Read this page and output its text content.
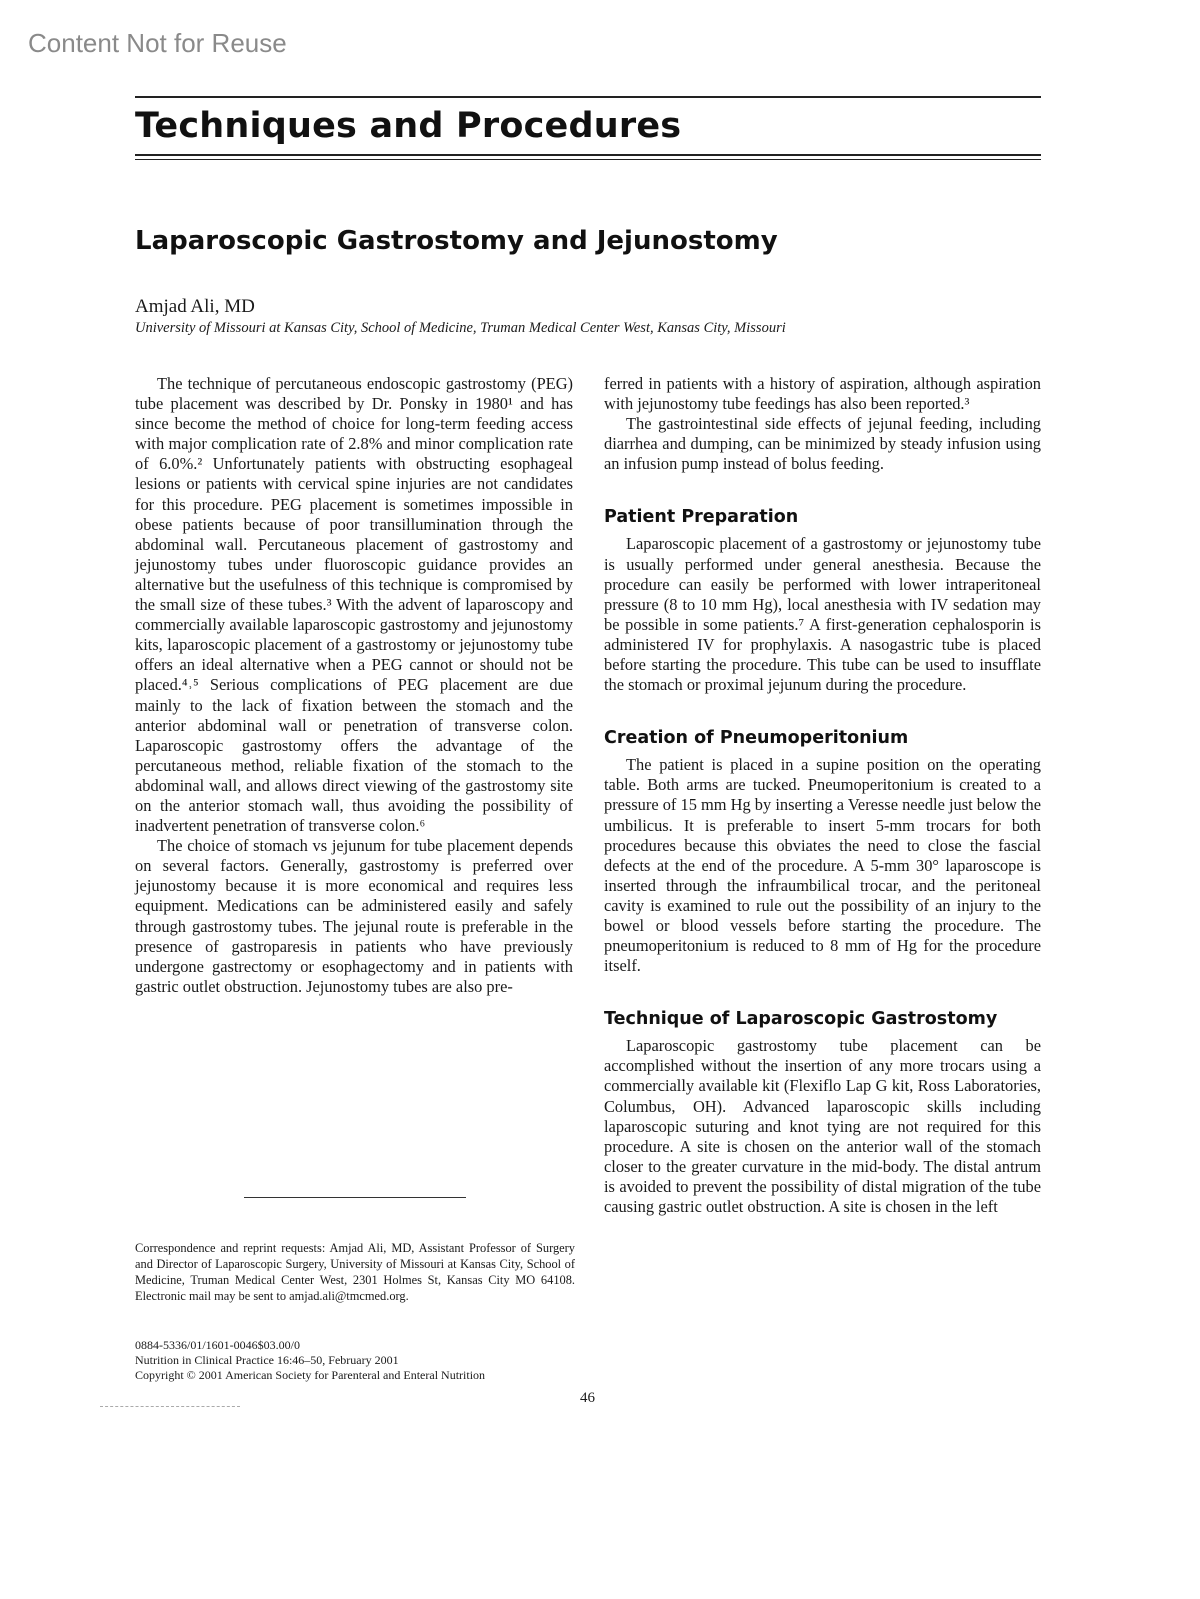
Content Not for Reuse
Techniques and Procedures
Laparoscopic Gastrostomy and Jejunostomy
Amjad Ali, MD
University of Missouri at Kansas City, School of Medicine, Truman Medical Center West, Kansas City, Missouri

The technique of percutaneous endoscopic gastrostomy (PEG) tube placement was described by Dr. Ponsky in 1980¹ and has since become the method of choice for long-term feeding access with major complication rate of 2.8% and minor complication rate of 6.0%.² Unfortunately patients with obstructing esophageal lesions or patients with cervical spine injuries are not candidates for this procedure. PEG placement is sometimes impossible in obese patients because of poor transillumination through the abdominal wall. Percutaneous placement of gastrostomy and jejunostomy tubes under fluoroscopic guidance provides an alternative but the usefulness of this technique is compromised by the small size of these tubes.³ With the advent of laparoscopy and commercially available laparoscopic gastrostomy and jejunostomy kits, laparoscopic placement of a gastrostomy or jejunostomy tube offers an ideal alternative when a PEG cannot or should not be placed.⁴˒⁵ Serious complications of PEG placement are due mainly to the lack of fixation between the stomach and the anterior abdominal wall or penetration of transverse colon. Laparoscopic gastrostomy offers the advantage of the percutaneous method, reliable fixation of the stomach to the abdominal wall, and allows direct viewing of the gastrostomy site on the anterior stomach wall, thus avoiding the possibility of inadvertent penetration of transverse colon.⁶

The choice of stomach vs jejunum for tube placement depends on several factors. Generally, gastrostomy is preferred over jejunostomy because it is more economical and requires less equipment. Medications can be administered easily and safely through gastrostomy tubes. The jejunal route is preferable in the presence of gastroparesis in patients who have previously undergone gastrectomy or esophagectomy and in patients with gastric outlet obstruction. Jejunostomy tubes are also pre-

ferred in patients with a history of aspiration, although aspiration with jejunostomy tube feedings has also been reported.³

The gastrointestinal side effects of jejunal feeding, including diarrhea and dumping, can be minimized by steady infusion using an infusion pump instead of bolus feeding.

Patient Preparation

Laparoscopic placement of a gastrostomy or jejunostomy tube is usually performed under general anesthesia. Because the procedure can easily be performed with lower intraperitoneal pressure (8 to 10 mm Hg), local anesthesia with IV sedation may be possible in some patients.⁷ A first-generation cephalosporin is administered IV for prophylaxis. A nasogastric tube is placed before starting the procedure. This tube can be used to insufflate the stomach or proximal jejunum during the procedure.

Creation of Pneumoperitonium

The patient is placed in a supine position on the operating table. Both arms are tucked. Pneumoperitonium is created to a pressure of 15 mm Hg by inserting a Veresse needle just below the umbilicus. It is preferable to insert 5-mm trocars for both procedures because this obviates the need to close the fascial defects at the end of the procedure. A 5-mm 30° laparoscope is inserted through the infraumbilical trocar, and the peritoneal cavity is examined to rule out the possibility of an injury to the bowel or blood vessels before starting the procedure. The pneumoperitonium is reduced to 8 mm of Hg for the procedure itself.

Technique of Laparoscopic Gastrostomy

Laparoscopic gastrostomy tube placement can be accomplished without the insertion of any more trocars using a commercially available kit (Flexiflo Lap G kit, Ross Laboratories, Columbus, OH). Advanced laparoscopic skills including laparoscopic suturing and knot tying are not required for this procedure. A site is chosen on the anterior wall of the stomach closer to the greater curvature in the mid-body. The distal antrum is avoided to prevent the possibility of distal migration of the tube causing gastric outlet obstruction. A site is chosen in the left

Correspondence and reprint requests: Amjad Ali, MD, Assistant Professor of Surgery and Director of Laparoscopic Surgery, University of Missouri at Kansas City, School of Medicine, Truman Medical Center West, 2301 Holmes St, Kansas City MO 64108. Electronic mail may be sent to amjad.ali@tmcmed.org.
0884-5336/01/1601-0046$03.00/0
Nutrition in Clinical Practice 16:46–50, February 2001
Copyright © 2001 American Society for Parenteral and Enteral Nutrition
46
